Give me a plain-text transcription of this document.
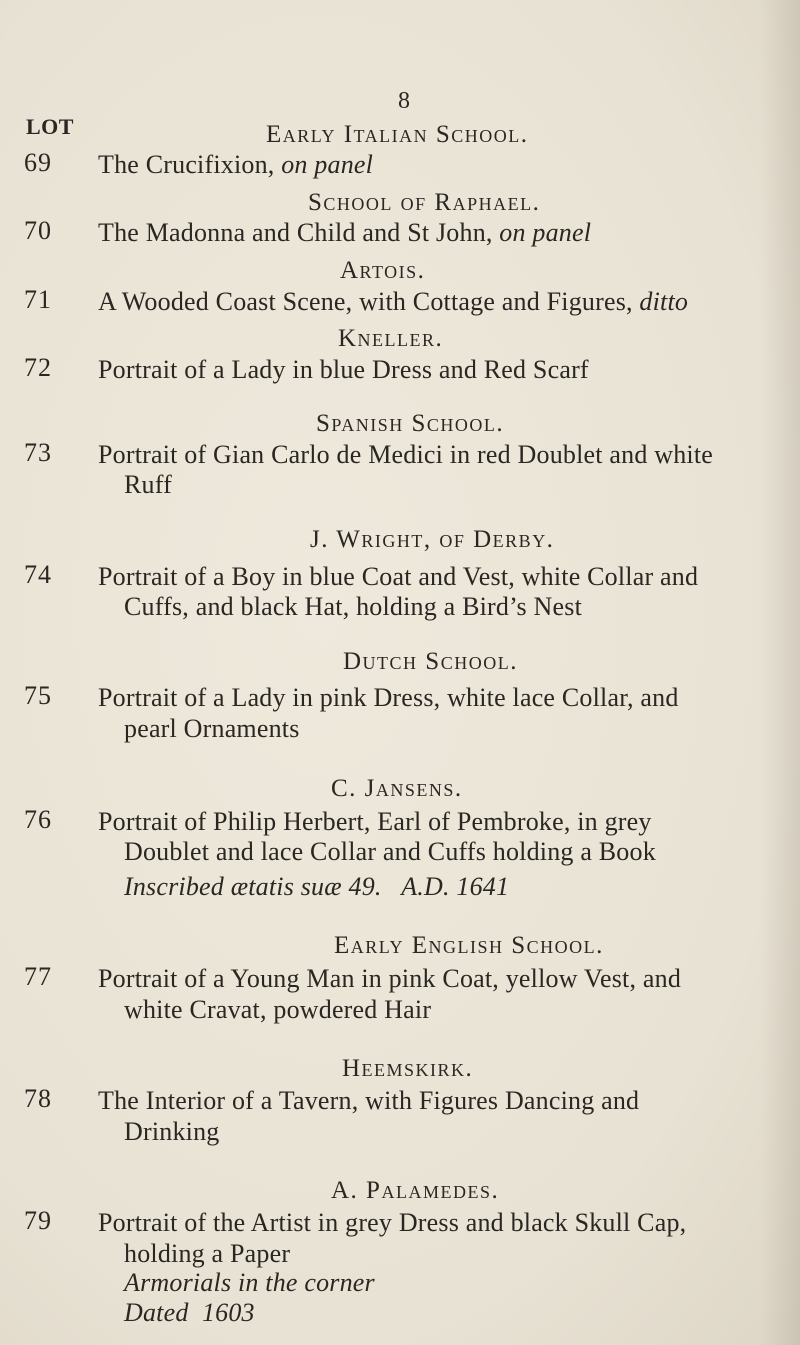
8
LOT	Early Italian School.
69 The Crucifixion, on panel
School of Raphael.
70 The Madonna and Child and St John, on panel
Artois.
71 A Wooded Coast Scene, with Cottage and Figures, ditto
Kneller.
72 Portrait of a Lady in blue Dress and Red Scarf
Spanish School.
73 Portrait of Gian Carlo de Medici in red Doublet and white
Ruff
J. Wright, of Derby.
74 Portrait of a Boy in blue Coat and Vest, white Collar and
Cuffs, and black Hat, holding a Bird’s Nest
Dutch School.
75 Portrait of a Lady in pink Dress, white lace Collar, and
pearl Ornaments
C. Jansens.
76 Portrait of Philip Herbert, Earl of Pembroke, in grey
Doublet and lace Collar and Cuffs holding a Book
Inscribed ætatis suæ 49.   A.D. 1641
Early English School.
77 Portrait of a Young Man in pink Coat, yellow Vest, and
white Cravat, powdered Hair
Heemskirk.
78 The Interior of a Tavern, with Figures Dancing and
Drinking
A. Palamedes.
79 Portrait of the Artist in grey Dress and black Skull Cap,
holding a Paper
Armorials in the corner
Dated  1603
